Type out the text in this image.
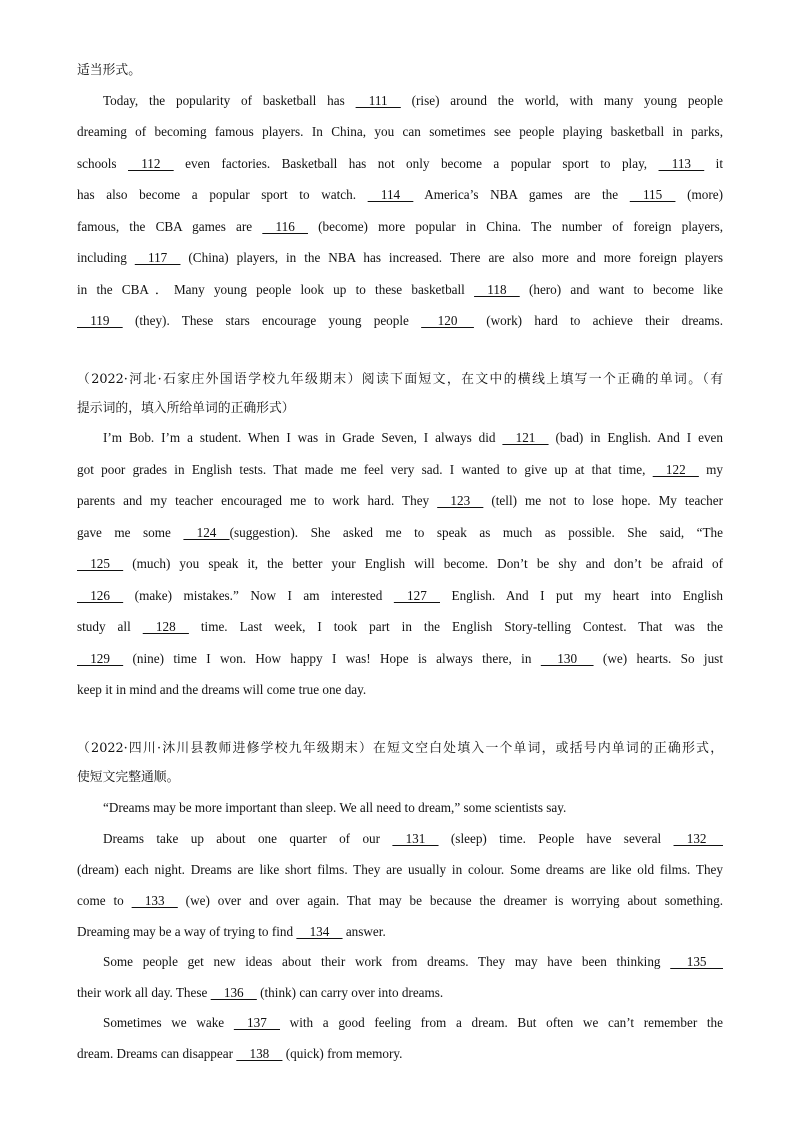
适当形式。
Today, the popularity of basketball has     111     (rise) around the world, with many young people
dreaming of becoming famous players. In China, you can sometimes see people playing basketball in parks,
schools     112     even factories. Basketball has not only become a popular sport to play,     113     it
has also become a popular sport to watch.     114     America’s NBA games are the     115     (more)
famous, the CBA games are     116     (become) more popular in China. The number of foreign players,
including     117     (China) players, in the NBA has increased. There are also more and more foreign players
in the CBA．Many young people look up to these basketball     118     (hero) and want to become like
119     (they). These stars encourage young people      120      (work) hard to achieve their dreams.
（2022·河北·石家庄外国语学校九年级期末）阅读下面短文，在文中的横线上填写一个正确的单词。（有
提示词的，填入所给单词的正确形式）
I’m Bob. I’m a student. When I was in Grade Seven, I always did     121     (bad) in English. And I even
got poor grades in English tests. That made me feel very sad. I wanted to give up at that time,     122     my
parents and my teacher encouraged me to work hard. They     123     (tell) me not to lose hope. My teacher
gave me some     124    (suggestion). She asked me to speak as much as possible. She said, “The
125     (much) you speak it, the better your English will become. Don’t be shy and don’t be afraid of
126     (make) mistakes.” Now I am interested     127     English. And I put my heart into English
study all     128     time. Last week, I took part in the English Story-telling Contest. That was the
129     (nine) time I won. How happy I was! Hope is always there, in      130      (we) hearts. So just
keep it in mind and the dreams will come true one day.
（2022·四川·沐川县教师进修学校九年级期末）在短文空白处填入一个单词，或括号内单词的正确形式，
使短文完整通顺。
“Dreams may be more important than sleep. We all need to dream,” some scientists say.
Dreams take up about one quarter of our     131     (sleep) time. People have several     132
(dream) each night. Dreams are like short films. They are usually in colour. Some dreams are like old films. They
come to     133     (we) over and over again. That may be because the dreamer is worrying about something.
Dreaming may be a way of trying to find     134     answer.
Some people get new ideas about their work from dreams. They may have been thinking      135
their work all day. These     136     (think) can carry over into dreams.
Sometimes we wake     137     with a good feeling from a dream. But often we can’t remember the
dream. Dreams can disappear     138     (quick) from memory.
